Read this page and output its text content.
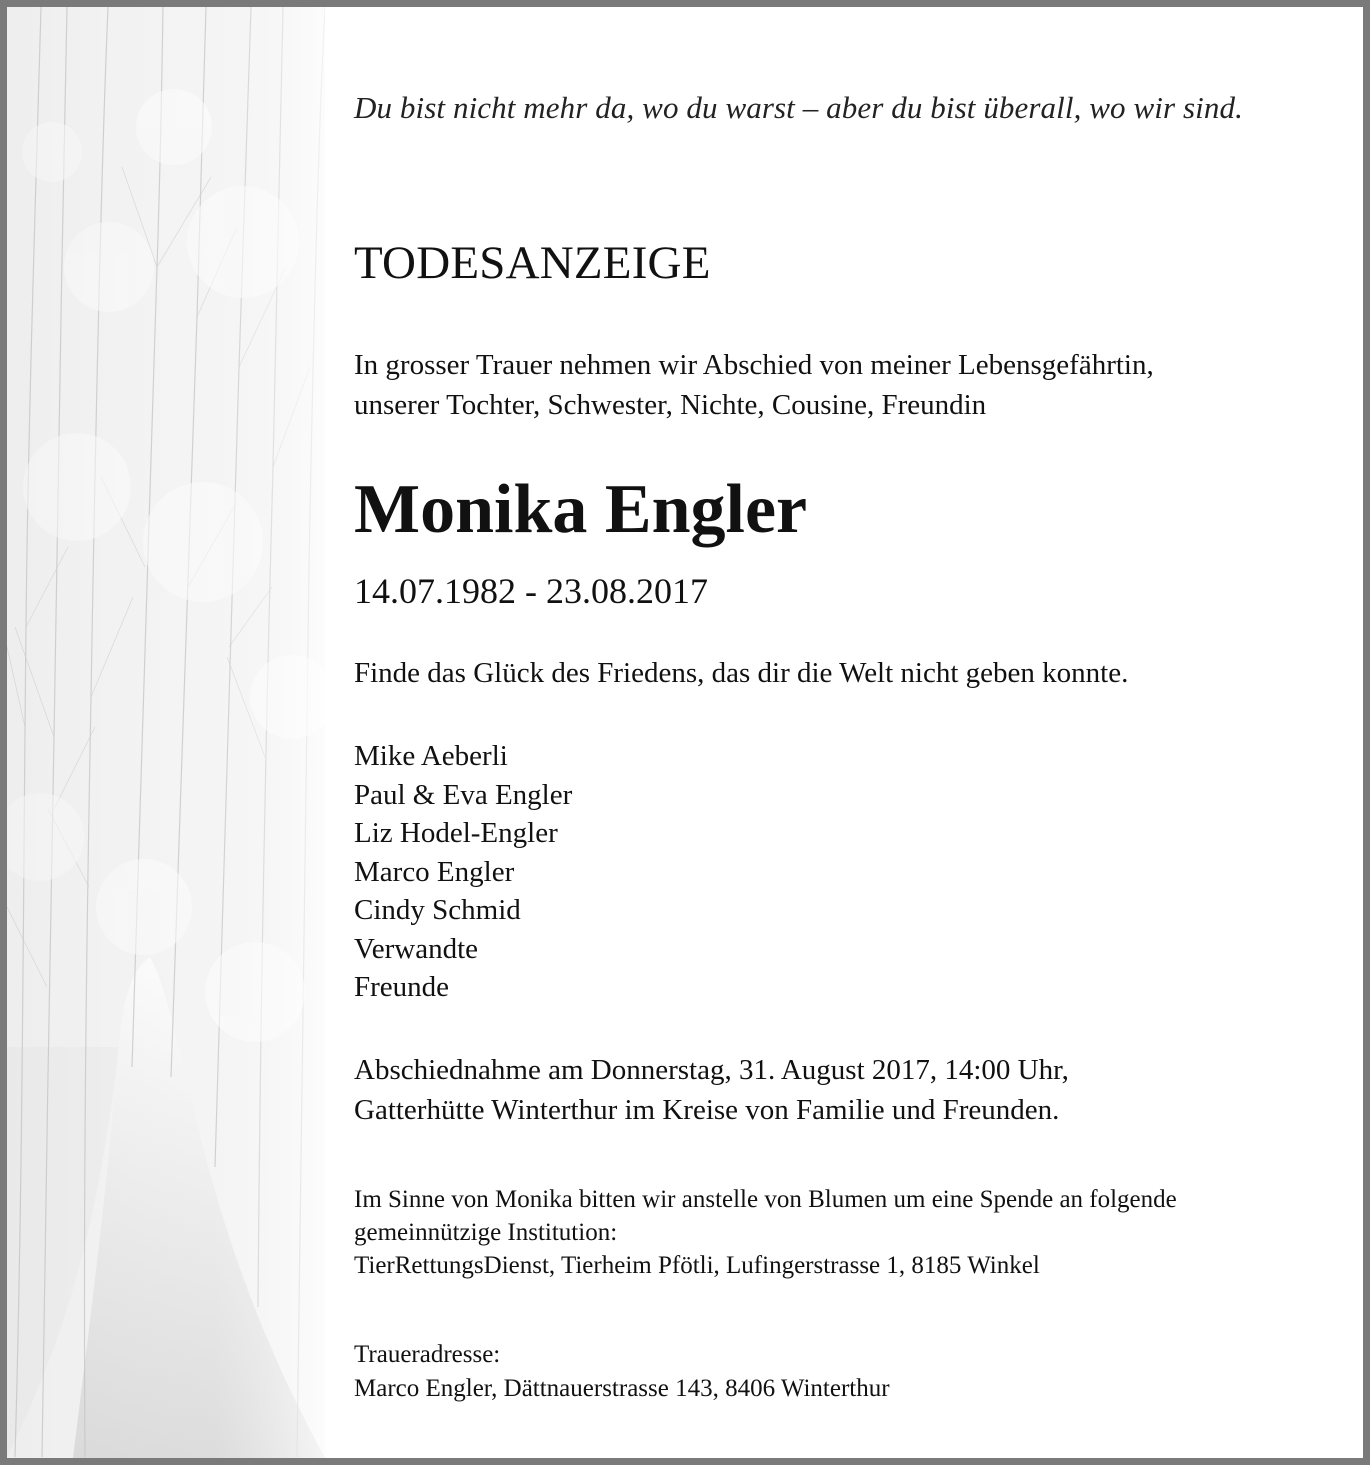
Du bist nicht mehr da, wo du warst – aber du bist überall, wo wir sind.

TODESANZEIGE
In grosser Trauer nehmen wir Abschied von meiner Lebensgefährtin,
unserer Tochter, Schwester, Nichte, Cousine, Freundin
Monika Engler
14.07.1982 - 23.08.2017

Finde das Glück des Friedens, das dir die Welt nicht geben konnte.

Mike Aeberli
Paul & Eva Engler
Liz Hodel-Engler
Marco Engler
Cindy Schmid
Verwandte
Freunde
Abschiednahme am Donnerstag, 31. August 2017, 14:00 Uhr,
Gatterhütte Winterthur im Kreise von Familie und Freunden.
Im Sinne von Monika bitten wir anstelle von Blumen um eine Spende an folgende
gemeinnützige Institution:
TierRettungsDienst, Tierheim Pfötli, Lufingerstrasse 1, 8185 Winkel
Traueradresse:
Marco Engler, Dättnauerstrasse 143, 8406 Winterthur
